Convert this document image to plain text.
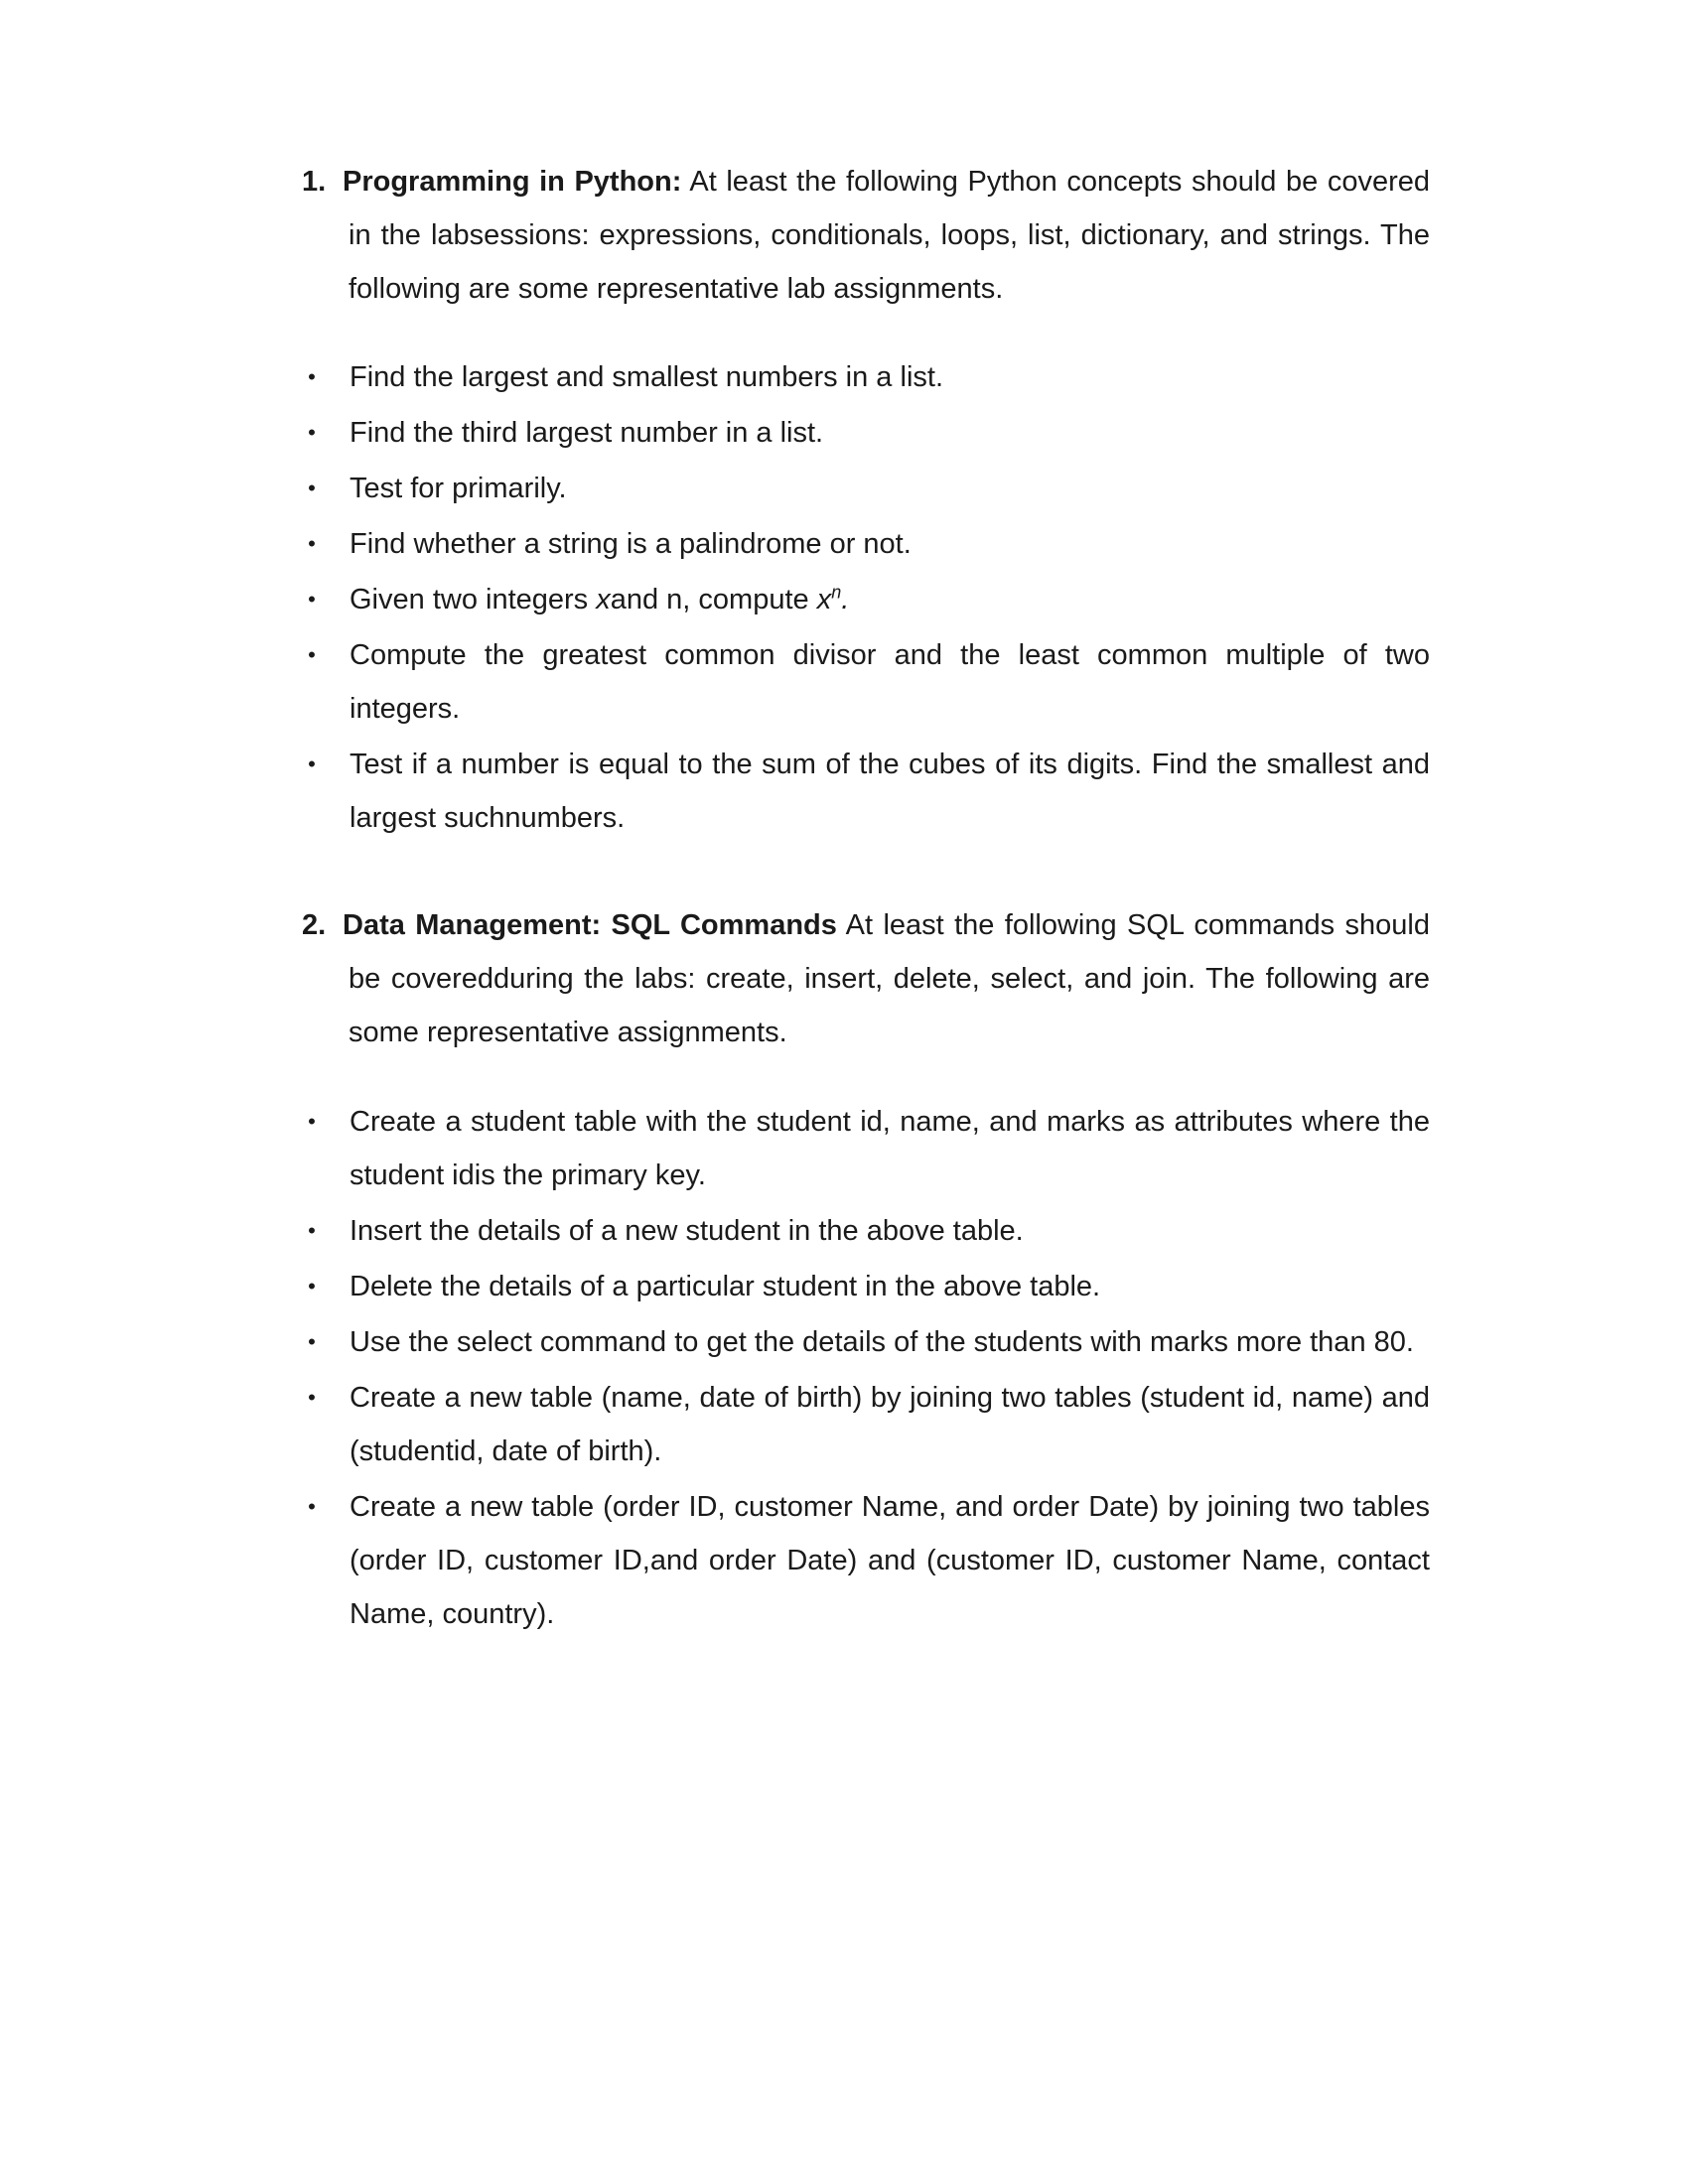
1. Programming in Python: At least the following Python concepts should be covered in the labsessions: expressions, conditionals, loops, list, dictionary, and strings. The following are some representative lab assignments.

• Find the largest and smallest numbers in a list.
• Find the third largest number in a list.
• Test for primarily.
• Find whether a string is a palindrome or not.
• Given two integers xand n, compute $x^n$.
• Compute the greatest common divisor and the least common multiple of two integers.
• Test if a number is equal to the sum of the cubes of its digits. Find the smallest and largest suchnumbers.

2. Data Management: SQL Commands At least the following SQL commands should be coveredduring the labs: create, insert, delete, select, and join. The following are some representative assignments.

• Create a student table with the student id, name, and marks as attributes where the student idis the primary key.
• Insert the details of a new student in the above table.
• Delete the details of a particular student in the above table.
• Use the select command to get the details of the students with marks more than 80.
• Create a new table (name, date of birth) by joining two tables (student id, name) and (studentid, date of birth).
• Create a new table (order ID, customer Name, and order Date) by joining two tables (order ID, customer ID,and order Date) and (customer ID, customer Name, contact Name, country).
